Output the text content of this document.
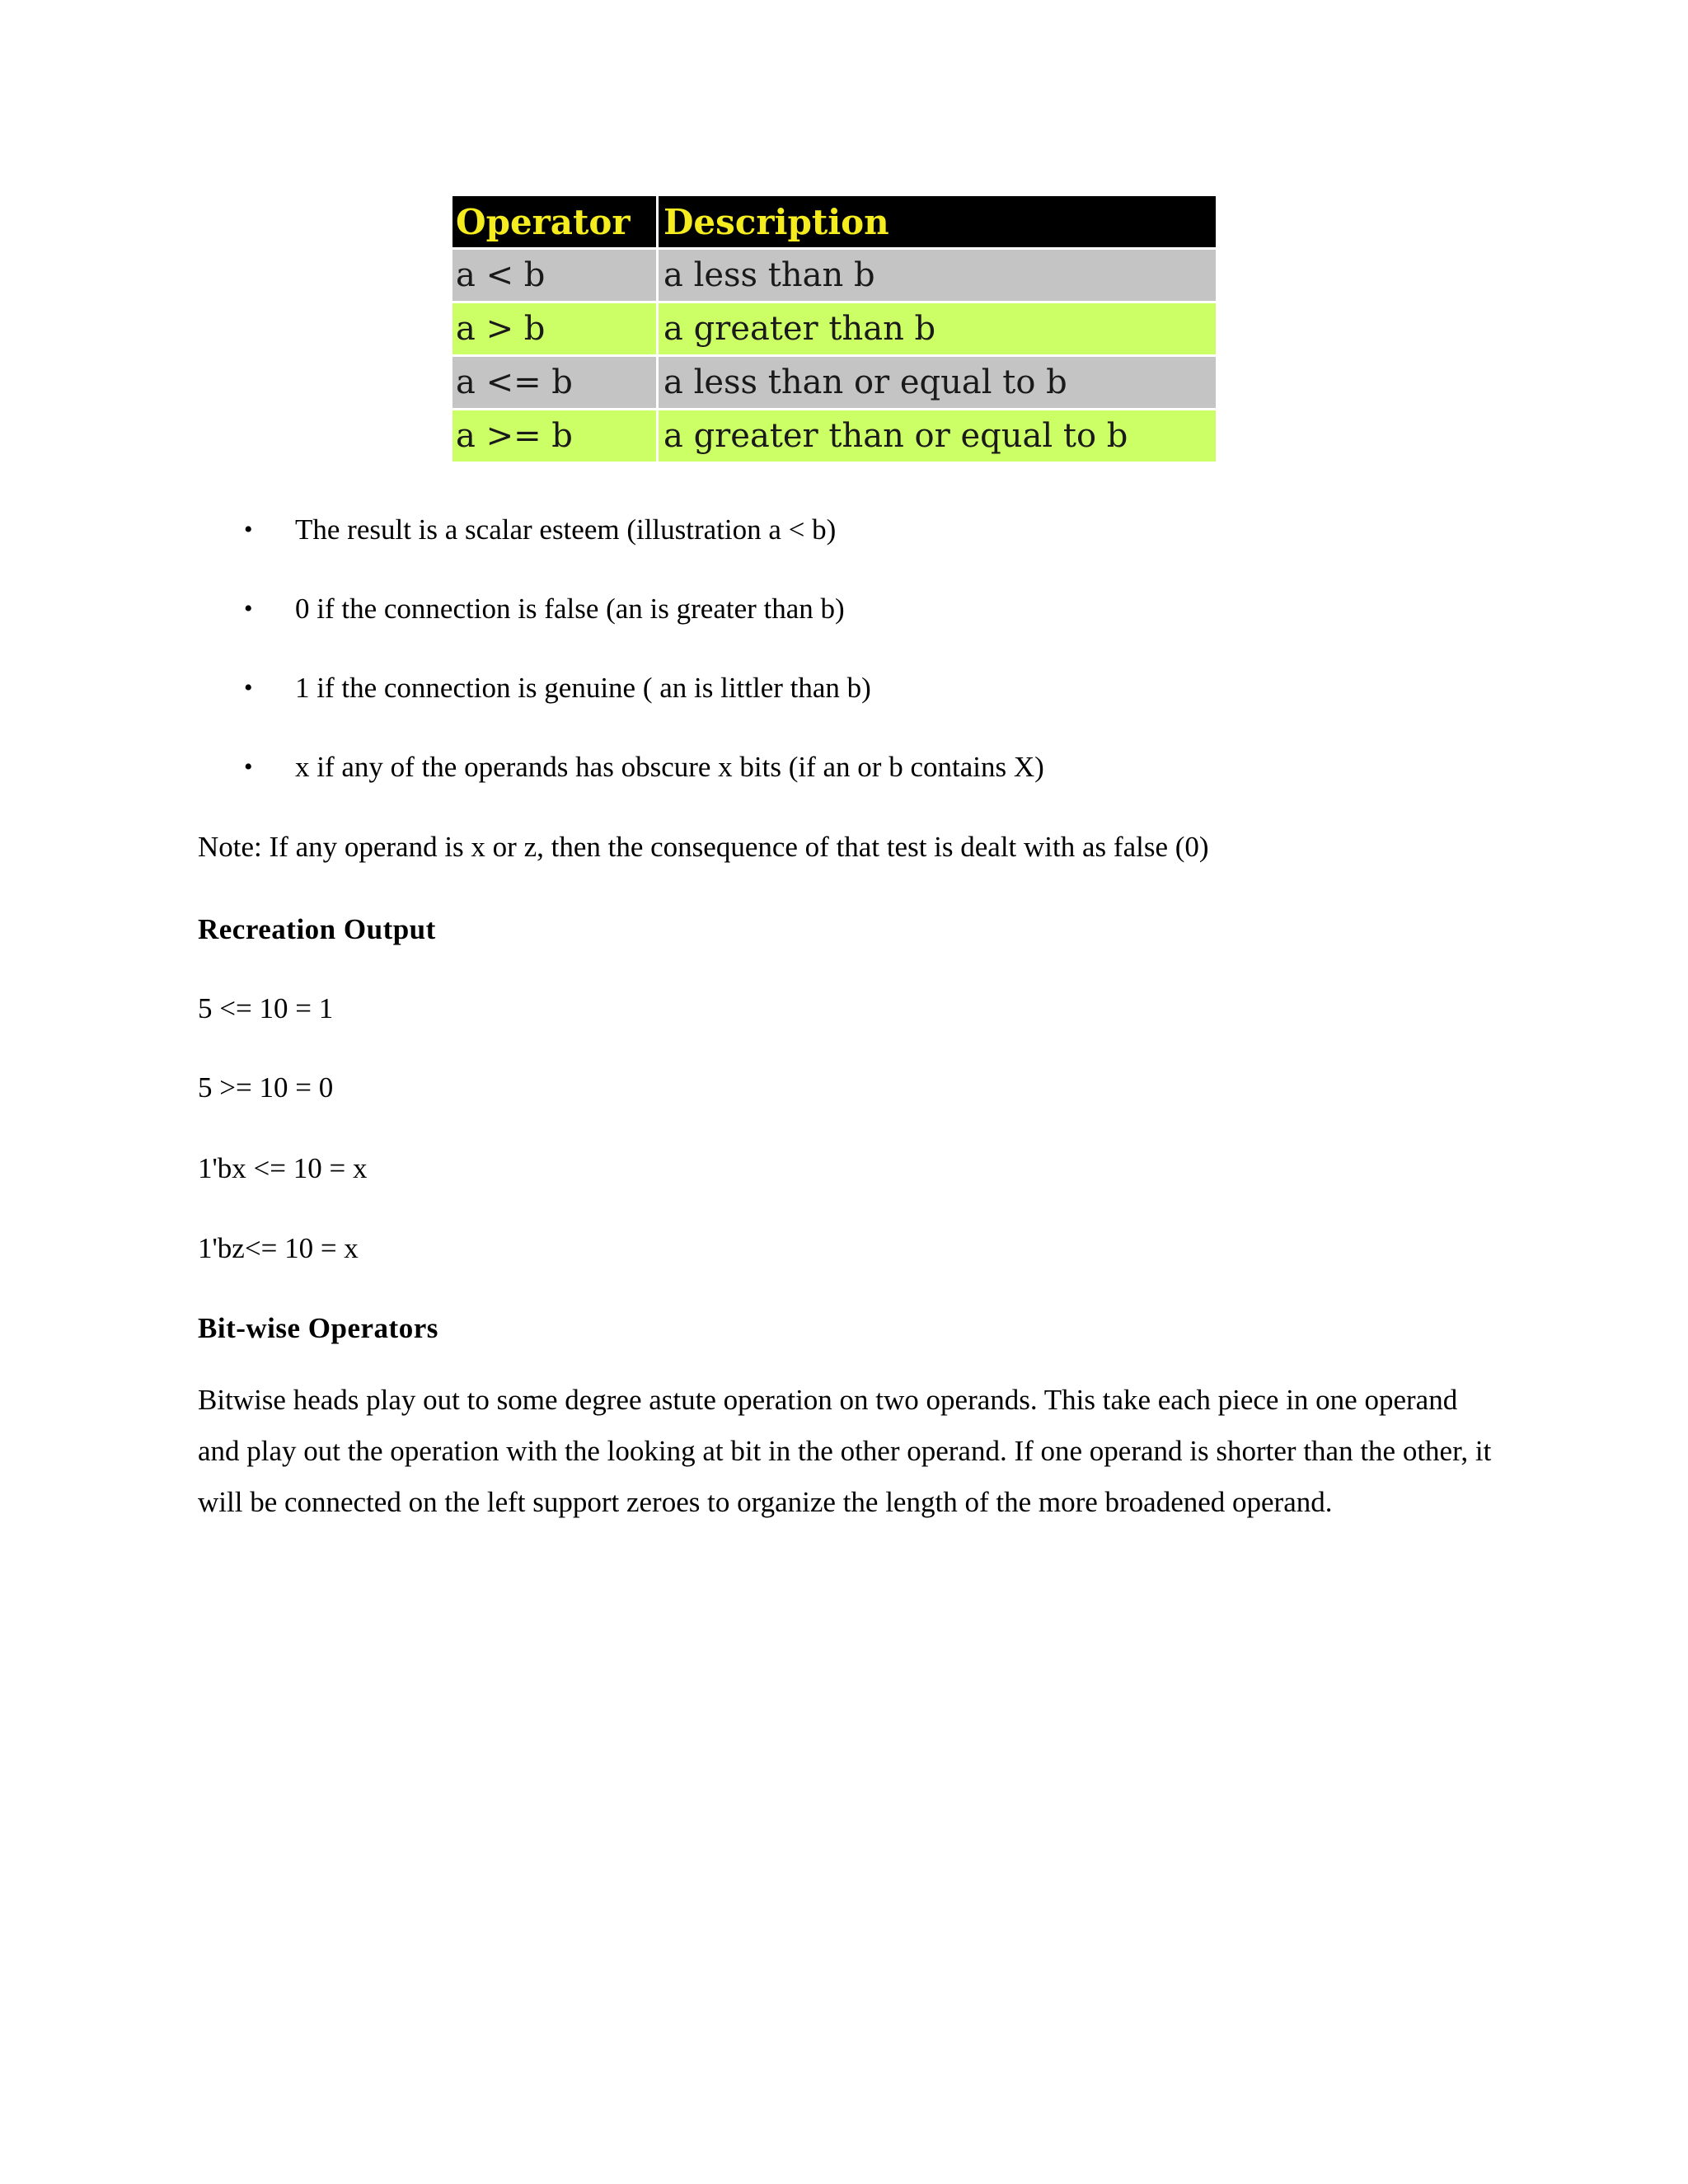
Operator Description
a < b	a less than b
a > b	a greater than b
a <= b	a less than or equal to b
a >= b	a greater than or equal to b
• The result is a scalar esteem (illustration a < b)
• 0 if the connection is false (an is greater than b)
• 1 if the connection is genuine ( an is littler than b)
• x if any of the operands has obscure x bits (if an or b contains X)

Note: If any operand is x or z, then the consequence of that test is dealt with as false (0)

Recreation Output

5 <= 10 = 1

5 >= 10 = 0

1'bx <= 10 = x

1'bz<= 10 = x

Bit-wise Operators

Bitwise heads play out to some degree astute operation on two operands. This take each piece in one operand and play out the operation with the looking at bit in the other operand. If one operand is shorter than the other, it will be connected on the left support zeroes to organize the length of the more broadened operand.
